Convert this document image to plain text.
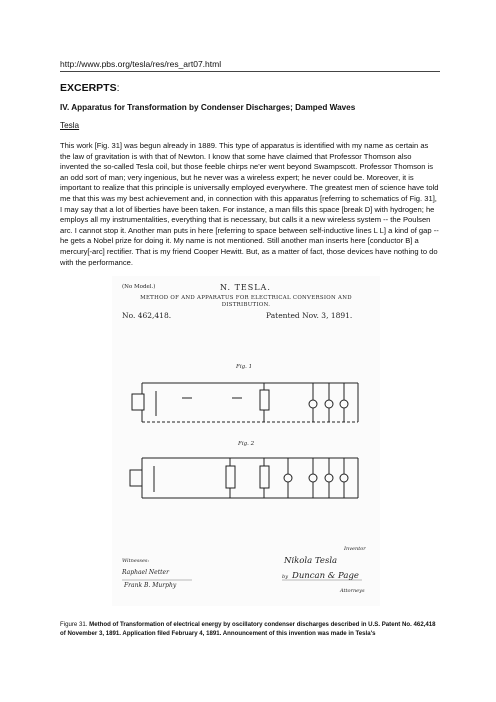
http://www.pbs.org/tesla/res/res_art07.html
EXCERPTS:
IV. Apparatus for Transformation by Condenser Discharges; Damped Waves
Tesla

This work [Fig. 31] was begun already in 1889. This type of apparatus is identified with my name as certain as the law of gravitation is with that of Newton. I know that some have claimed that Professor Thomson also invented the so-called Tesla coil, but those feeble chirps ne'er went beyond Swampscott. Professor Thomson is an odd sort of man; very ingenious, but he never was a wireless expert; he never could be. Moreover, it is important to realize that this principle is universally employed everywhere. The greatest men of science have told me that this was my best achievement and, in connection with this apparatus [referring to schematics of Fig. 31], I may say that a lot of liberties have been taken. For instance, a man fills this space [break D] with hydrogen; he employs all my instrumentalities, everything that is necessary, but calls it a new wireless system -- the Poulsen arc. I cannot stop it. Another man puts in here [referring to space between self-inductive lines L L] a kind of gap -- he gets a Nobel prize for doing it. My name is not mentioned. Still another man inserts here [conductor B] a mercury[-arc] rectifier. That is my friend Cooper Hewitt. But, as a matter of fact, those devices have nothing to do with the performance.

(No Model.)	N. TESLA.
METHOD OF AND APPARATUS FOR ELECTRICAL CONVERSION AND DISTRIBUTION.
No. 462,418.	Patented Nov. 3, 1891.
Fig. 1
Fig. 2
Witnesses:
Raphael Netter
Frank B. Murphy
Inventor
Nikola Tesla
by Duncan & Page
Attorneys

Figure 31. Method of Transformation of electrical energy by oscillatory condenser discharges described in U.S. Patent No. 462,418 of November 3, 1891. Application filed February 4, 1891. Announcement of this invention was made in Tesla's
